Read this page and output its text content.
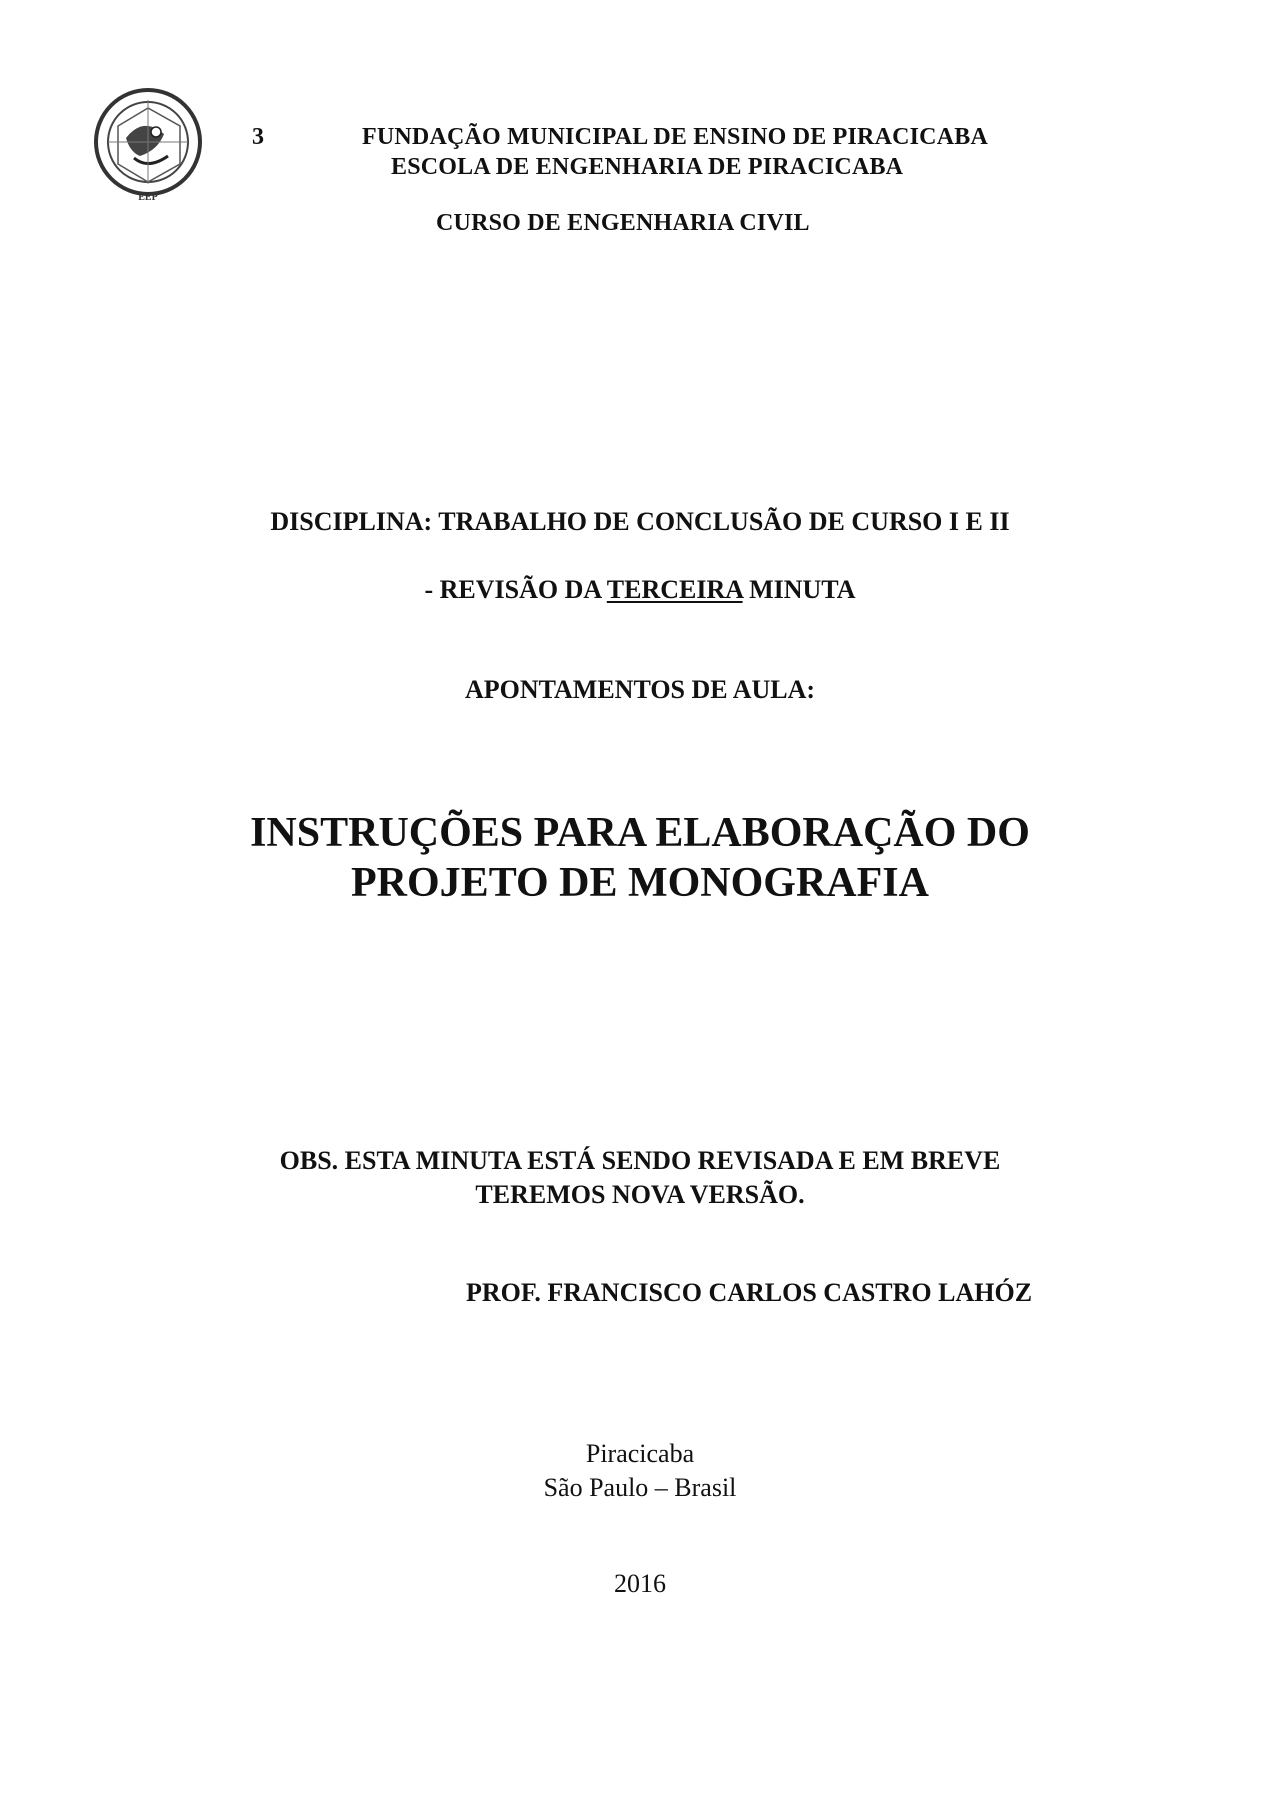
EEP
3	FUNDAÇÃO MUNICIPAL DE ENSINO DE PIRACICABA
ESCOLA DE ENGENHARIA DE PIRACICABA
CURSO DE ENGENHARIA CIVIL
DISCIPLINA: TRABALHO DE CONCLUSÃO DE CURSO I E II
- REVISÃO DA TERCEIRA MINUTA
APONTAMENTOS DE AULA:
INSTRUÇÕES PARA ELABORAÇÃO DO
PROJETO DE MONOGRAFIA
OBS. ESTA MINUTA ESTÁ SENDO REVISADA E EM BREVE
TEREMOS NOVA VERSÃO.
PROF. FRANCISCO CARLOS CASTRO LAHÓZ
Piracicaba
São Paulo – Brasil
2016
